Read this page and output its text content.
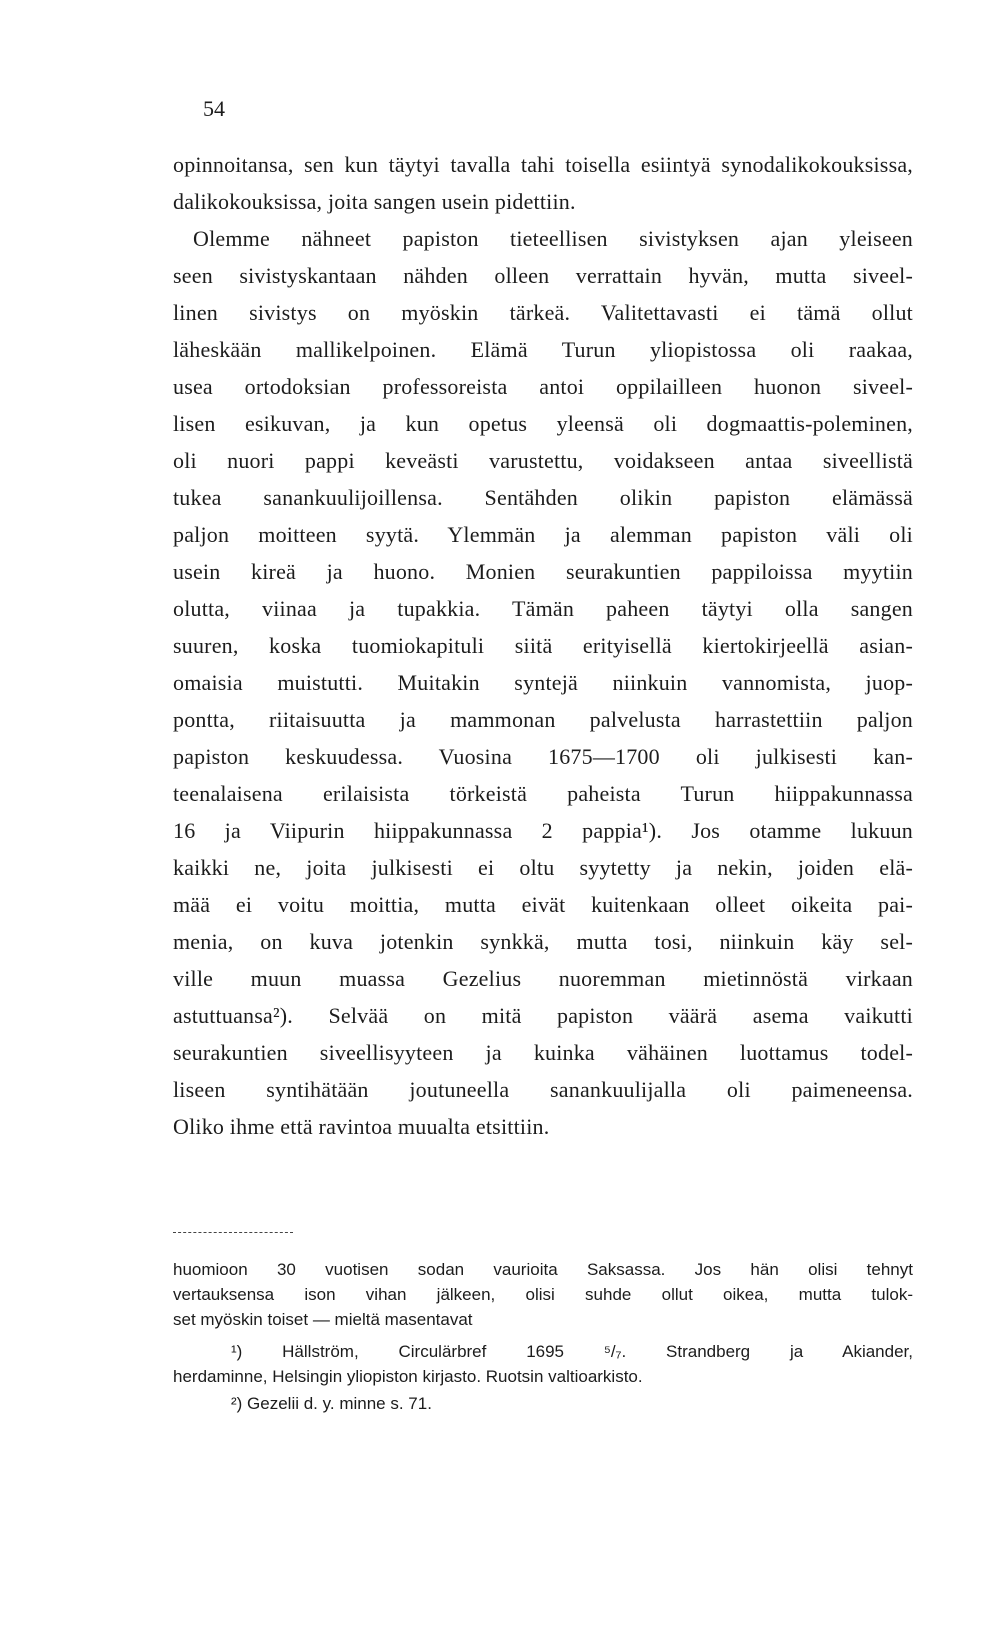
54
opinnoitansa, sen kun täytyi tavalla tahi toisella esiintyä synodalikokouksissa,
dalikokouksissa, joita sangen usein pidettiin.
Olemme nähneet papiston tieteellisen sivistyksen ajan yleiseen
seen sivistyskantaan nähden olleen verrattain hyvän, mutta siveel-
linen sivistys on myöskin tärkeä. Valitettavasti ei tämä ollut
läheskään mallikelpoinen. Elämä Turun yliopistossa oli raakaa,
usea ortodoksian professoreista antoi oppilailleen huonon siveel-
lisen esikuvan, ja kun opetus yleensä oli dogmaattis-poleminen,
oli nuori pappi keveästi varustettu, voidakseen antaa siveellistä
tukea sanankuulijoillensa. Sentähden olikin papiston elämässä
paljon moitteen syytä. Ylemmän ja alemman papiston väli oli
usein kireä ja huono. Monien seurakuntien pappiloissa myytiin
olutta, viinaa ja tupakkia. Tämän paheen täytyi olla sangen
suuren, koska tuomiokapituli siitä erityisellä kiertokirjeellä asian-
omaisia muistutti. Muitakin syntejä niinkuin vannomista, juop-
pontta, riitaisuutta ja mammonan palvelusta harrastettiin paljon
papiston keskuudessa. Vuosina 1675—1700 oli julkisesti kan-
teenalaisena erilaisista törkeistä paheista Turun hiippakunnassa
16 ja Viipurin hiippakunnassa 2 pappia¹). Jos otamme lukuun
kaikki ne, joita julkisesti ei oltu syytetty ja nekin, joiden elä-
mää ei voitu moittia, mutta eivät kuitenkaan olleet oikeita pai-
menia, on kuva jotenkin synkkä, mutta tosi, niinkuin käy sel-
ville muun muassa Gezelius nuoremman mietinnöstä virkaan
astuttuansa²). Selvää on mitä papiston väärä asema vaikutti
seurakuntien siveellisyyteen ja kuinka vähäinen luottamus todel-
liseen syntihätään joutuneella sanankuulijalla oli paimeneensa.
Oliko ihme että ravintoa muualta etsittiin.
huomioon 30 vuotisen sodan vaurioita Saksassa. Jos hän olisi tehnyt
vertauksensa ison vihan jälkeen, olisi suhde ollut oikea, mutta tulok-
set myöskin toiset — mieltä masentavat
¹) Hällström, Circulärbref 1695 ⁵/₇. Strandberg ja Akiander,
herdaminne, Helsingin yliopiston kirjasto. Ruotsin valtioarkisto.
²) Gezelii d. y. minne s. 71.
